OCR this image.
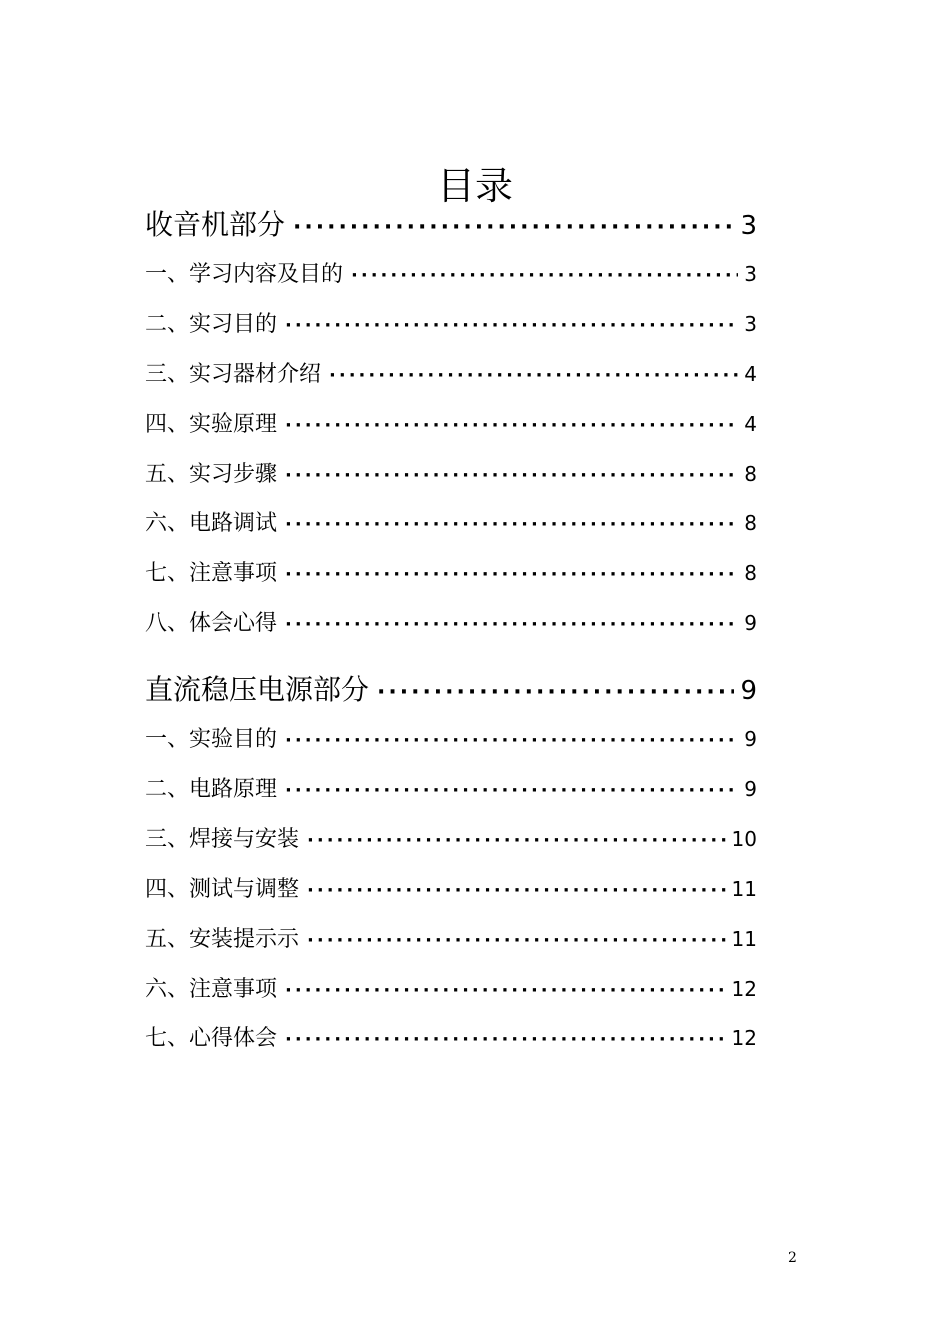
目录
收音机部分 ·····	3
一、学习内容及目的 ·····	3
二、实习目的 ·····	3
三、实习器材介绍 ·····	4
四、实验原理 ·····	4
五、实习步骤 ·····	8
六、电路调试 ·····	8
七、注意事项 ·····	8
八、体会心得 ·····	9
直流稳压电源部分 ·····	9
一、实验目的 ·····	9
二、电路原理 ·····	9
三、焊接与安装 ·····	10
四、测试与调整 ·····	11
五、安装提示示 ·····	11
六、注意事项 ·····	12
七、心得体会 ·····	12
2
